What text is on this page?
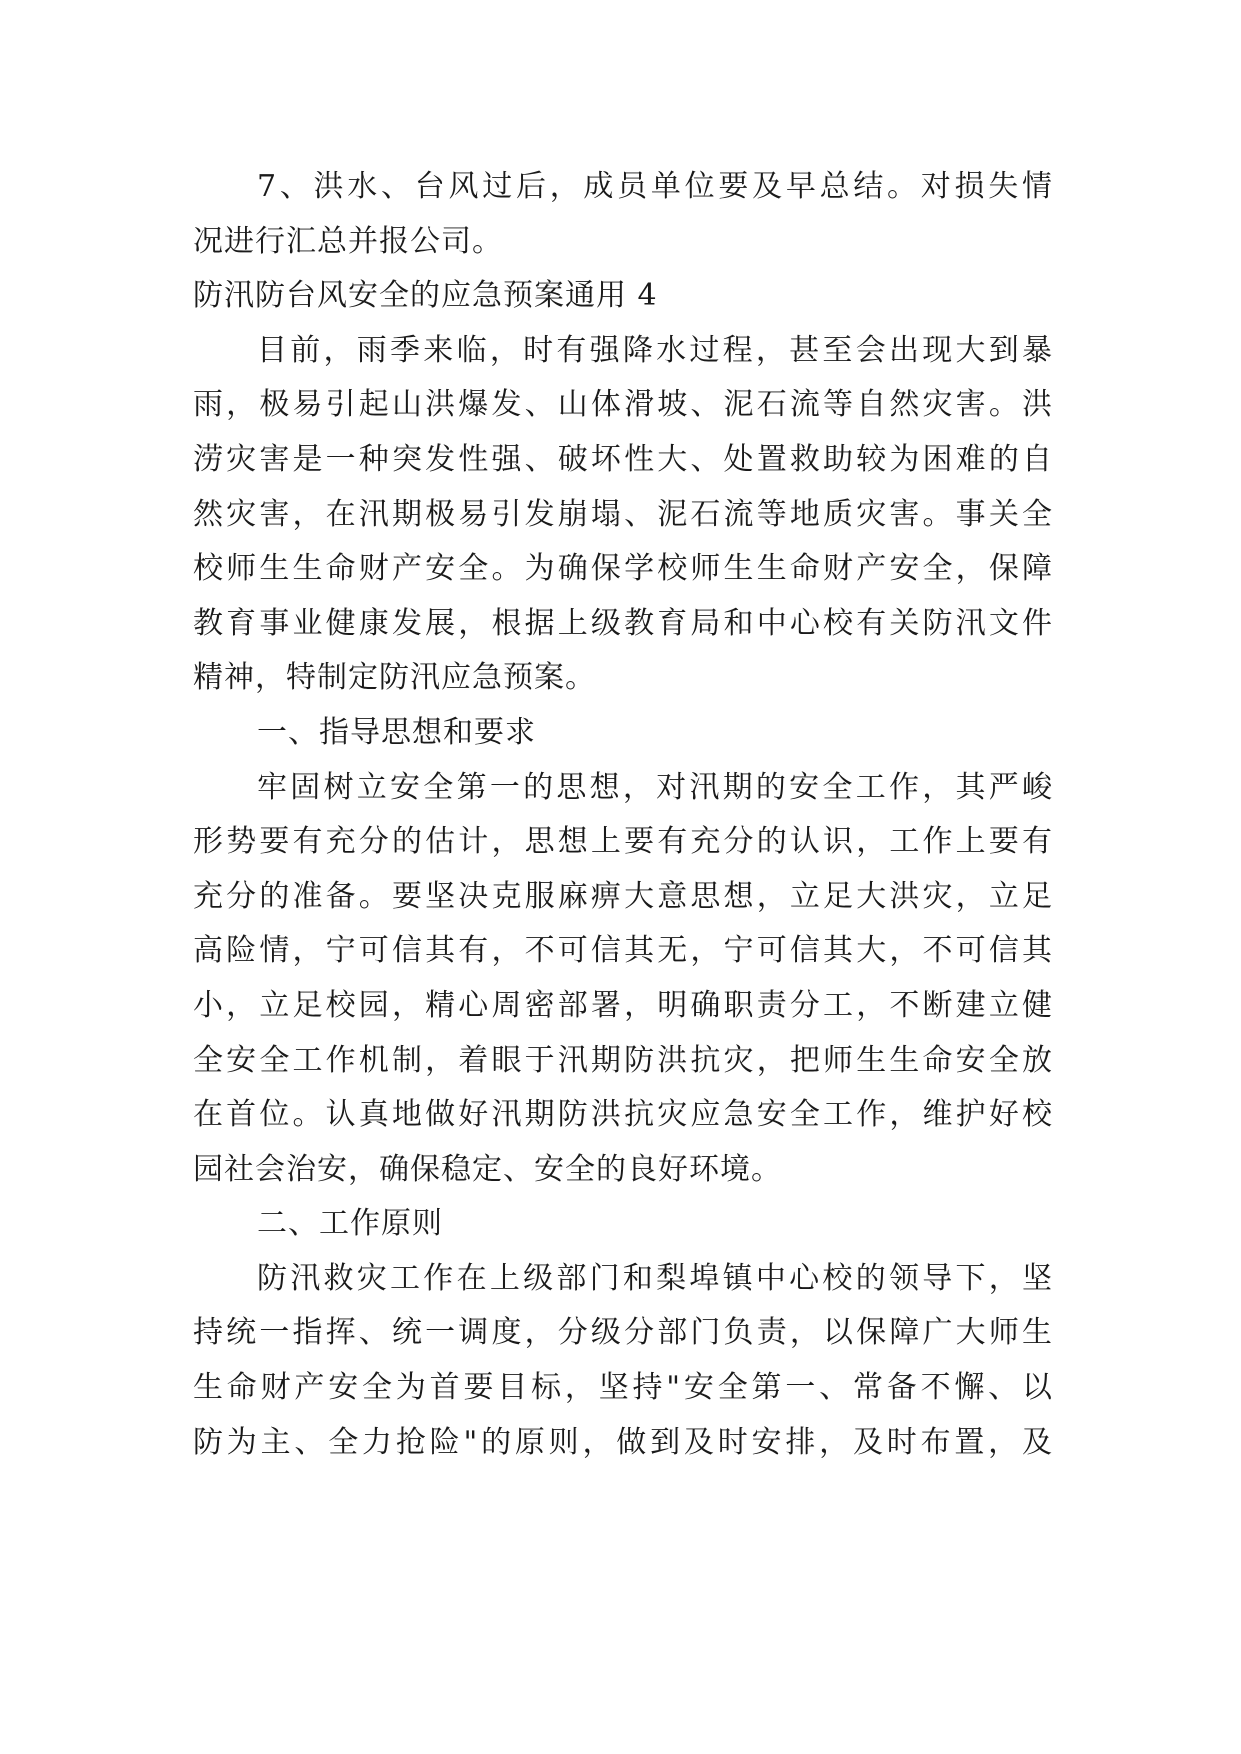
7、洪水、台风过后，成员单位要及早总结。对损失情
况进行汇总并报公司。
防汛防台风安全的应急预案通用 4
目前，雨季来临，时有强降水过程，甚至会出现大到暴
雨，极易引起山洪爆发、山体滑坡、泥石流等自然灾害。洪
涝灾害是一种突发性强、破坏性大、处置救助较为困难的自
然灾害，在汛期极易引发崩塌、泥石流等地质灾害。事关全
校师生生命财产安全。为确保学校师生生命财产安全，保障
教育事业健康发展，根据上级教育局和中心校有关防汛文件
精神，特制定防汛应急预案。
一、指导思想和要求
牢固树立安全第一的思想，对汛期的安全工作，其严峻
形势要有充分的估计，思想上要有充分的认识，工作上要有
充分的准备。要坚决克服麻痹大意思想，立足大洪灾，立足
高险情，宁可信其有，不可信其无，宁可信其大，不可信其
小，立足校园，精心周密部署，明确职责分工，不断建立健
全安全工作机制，着眼于汛期防洪抗灾，把师生生命安全放
在首位。认真地做好汛期防洪抗灾应急安全工作，维护好校
园社会治安，确保稳定、安全的良好环境。
二、工作原则
防汛救灾工作在上级部门和梨埠镇中心校的领导下，坚
持统一指挥、统一调度，分级分部门负责，以保障广大师生
生命财产安全为首要目标，坚持"安全第一、常备不懈、以
防为主、全力抢险"的原则，做到及时安排，及时布置，及
